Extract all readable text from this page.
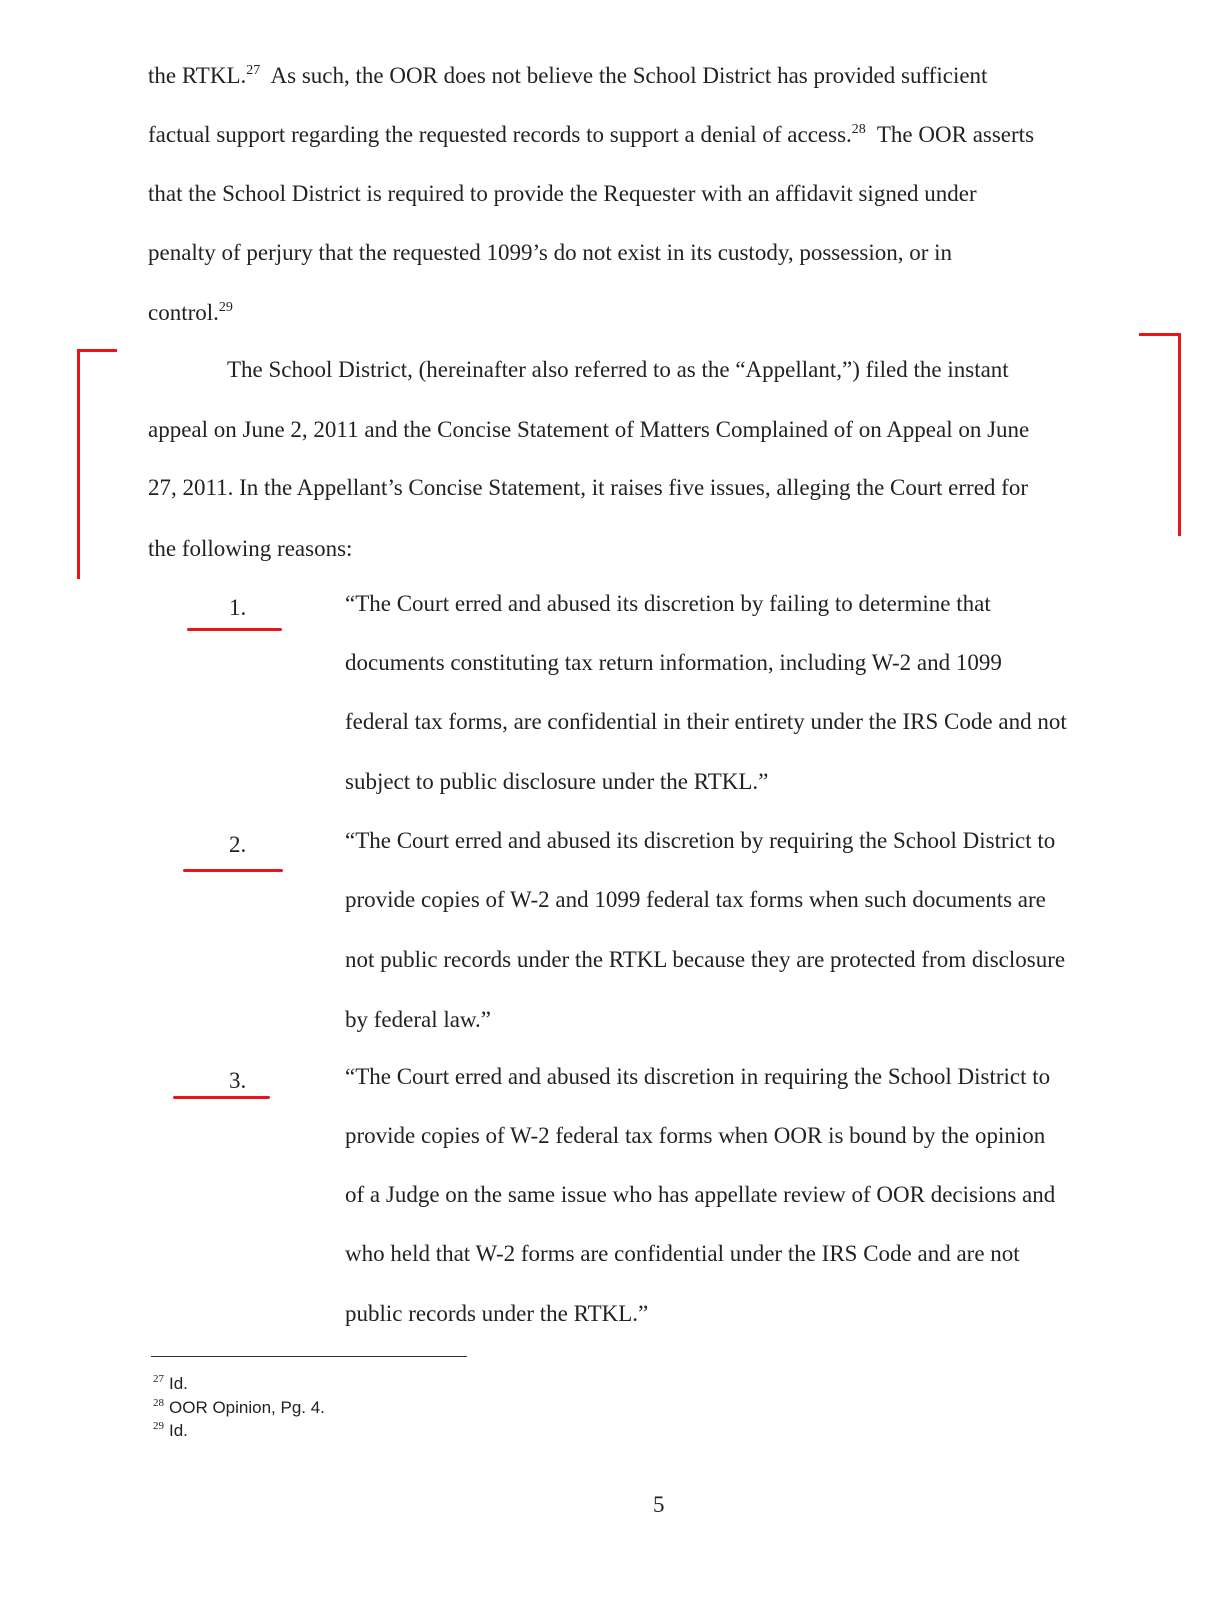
the RTKL.$^{27}$  As such, the OOR does not believe the School District has provided sufficient
factual support regarding the requested records to support a denial of access.$^{28}$  The OOR asserts
that the School District is required to provide the Requester with an affidavit signed under
penalty of perjury that the requested 1099’s do not exist in its custody, possession, or in
control.$^{29}$
The School District, (hereinafter also referred to as the “Appellant,”) filed the instant
appeal on June 2, 2011 and the Concise Statement of Matters Complained of on Appeal on June
27, 2011. In the Appellant’s Concise Statement, it raises five issues, alleging the Court erred for
the following reasons:
1.	“The Court erred and abused its discretion by failing to determine that
documents constituting tax return information, including W-2 and 1099
federal tax forms, are confidential in their entirety under the IRS Code and not
subject to public disclosure under the RTKL.”
2.	“The Court erred and abused its discretion by requiring the School District to
provide copies of W-2 and 1099 federal tax forms when such documents are
not public records under the RTKL because they are protected from disclosure
by federal law.”
3.	“The Court erred and abused its discretion in requiring the School District to
provide copies of W-2 federal tax forms when OOR is bound by the opinion
of a Judge on the same issue who has appellate review of OOR decisions and
who held that W-2 forms are confidential under the IRS Code and are not
public records under the RTKL.”
$^{27}$ Id.
$^{28}$ OOR Opinion, Pg. 4.
$^{29}$ Id.
5
